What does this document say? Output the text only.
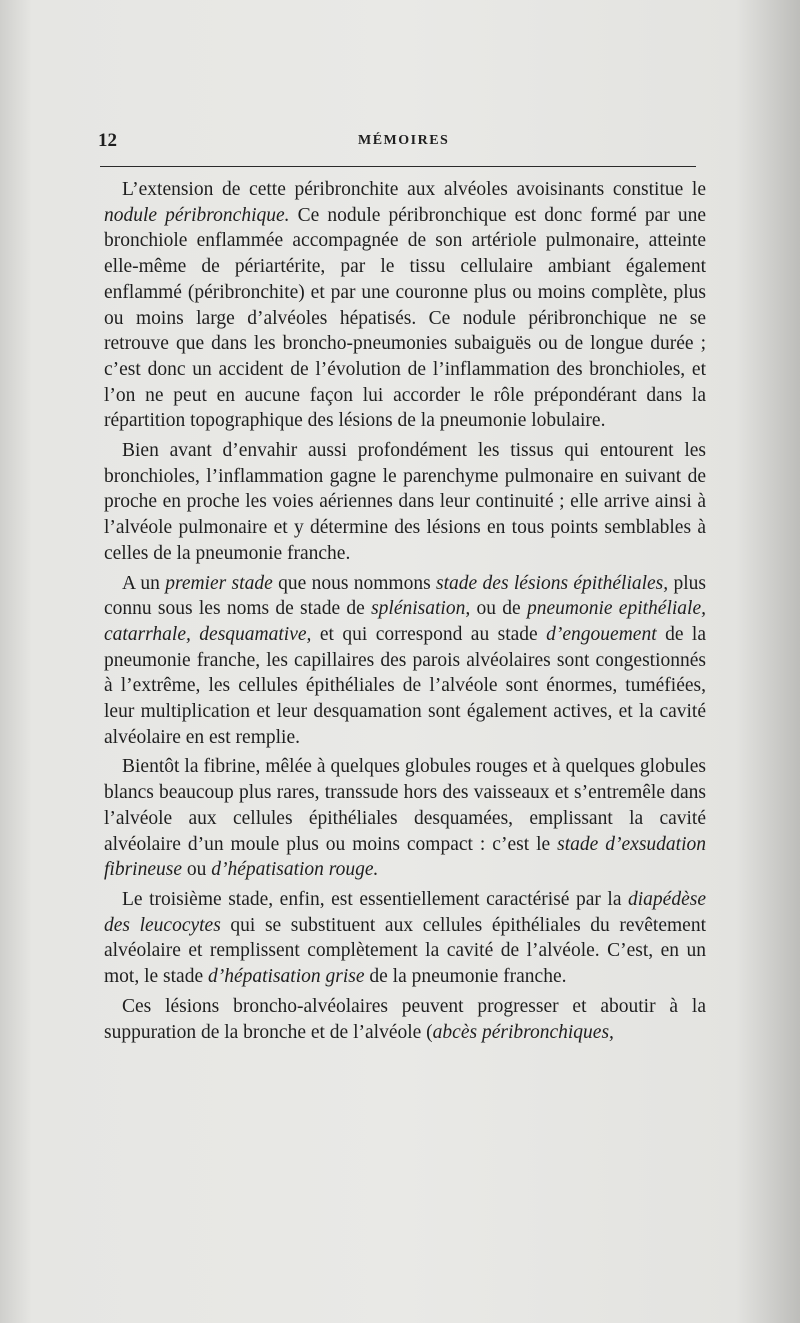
12	MÉMOIRES

L’extension de cette péribronchite aux alvéoles avoisinants constitue le nodule péribronchique. Ce nodule péribronchique est donc formé par une bronchiole enflammée accompagnée de son artériole pulmonaire, atteinte elle-même de périartérite, par le tissu cellulaire ambiant également enflammé (péribronchite) et par une couronne plus ou moins complète, plus ou moins large d’alvéoles hépatisés. Ce nodule péribronchique ne se retrouve que dans les broncho-pneumonies subaiguës ou de longue durée ; c’est donc un accident de l’évolution de l’inflammation des bronchioles, et l’on ne peut en aucune façon lui accorder le rôle prépondérant dans la répartition topographique des lésions de la pneumonie lobulaire.

Bien avant d’envahir aussi profondément les tissus qui entourent les bronchioles, l’inflammation gagne le parenchyme pulmonaire en suivant de proche en proche les voies aériennes dans leur continuité ; elle arrive ainsi à l’alvéole pulmonaire et y détermine des lésions en tous points semblables à celles de la pneumonie franche.

A un premier stade que nous nommons stade des lésions épithéliales, plus connu sous les noms de stade de splénisation, ou de pneumonie epithéliale, catarrhale, desquamative, et qui correspond au stade d’engouement de la pneumonie franche, les capillaires des parois alvéolaires sont congestionnés à l’extrême, les cellules épithéliales de l’alvéole sont énormes, tuméfiées, leur multiplication et leur desquamation sont également actives, et la cavité alvéolaire en est remplie.

Bientôt la fibrine, mêlée à quelques globules rouges et à quelques globules blancs beaucoup plus rares, transsude hors des vaisseaux et s’entremêle dans l’alvéole aux cellules épithéliales desquamées, emplissant la cavité alvéolaire d’un moule plus ou moins compact : c’est le stade d’exsudation fibrineuse ou d’hépatisation rouge.

Le troisième stade, enfin, est essentiellement caractérisé par la diapédèse des leucocytes qui se substituent aux cellules épithéliales du revêtement alvéolaire et remplissent complètement la cavité de l’alvéole. C’est, en un mot, le stade d’hépatisation grise de la pneumonie franche.

Ces lésions broncho-alvéolaires peuvent progresser et aboutir à la suppuration de la bronche et de l’alvéole (abcès péribronchiques,
